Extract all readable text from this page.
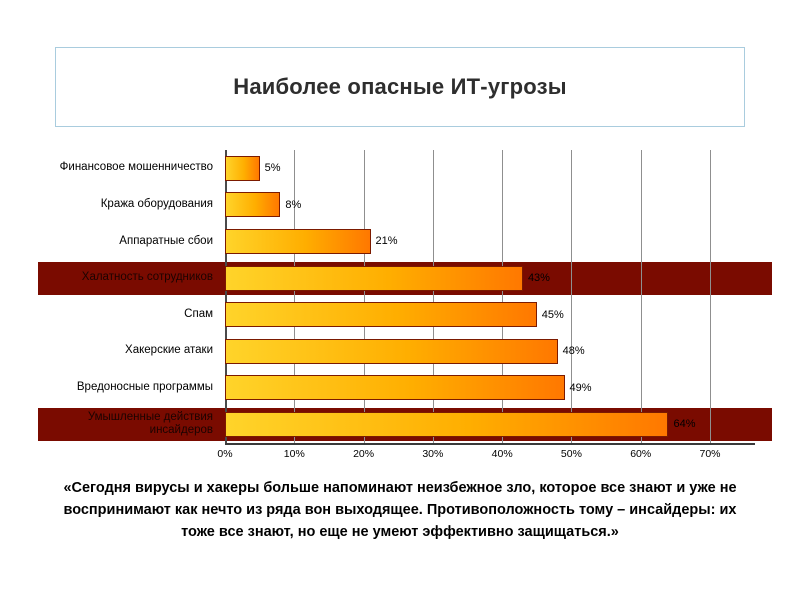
Наиболее опасные ИТ-угрозы
Финансовое мошенничество	5%
Кража оборудования	8%
Аппаратные сбои	21%
Халатность сотрудников	43%
Спам	45%
Хакерские атаки	48%
Вредоносные программы	49%
Умышленные действия инсайдеров	64%
0%	10%	20%	30%	40%	50%	60%	70%
«Сегодня вирусы и хакеры больше напоминают неизбежное зло, которое все знают и уже не воспринимают как нечто из ряда вон выходящее. Противоположность тому – инсайдеры: их тоже все знают, но еще не умеют эффективно защищаться.»
